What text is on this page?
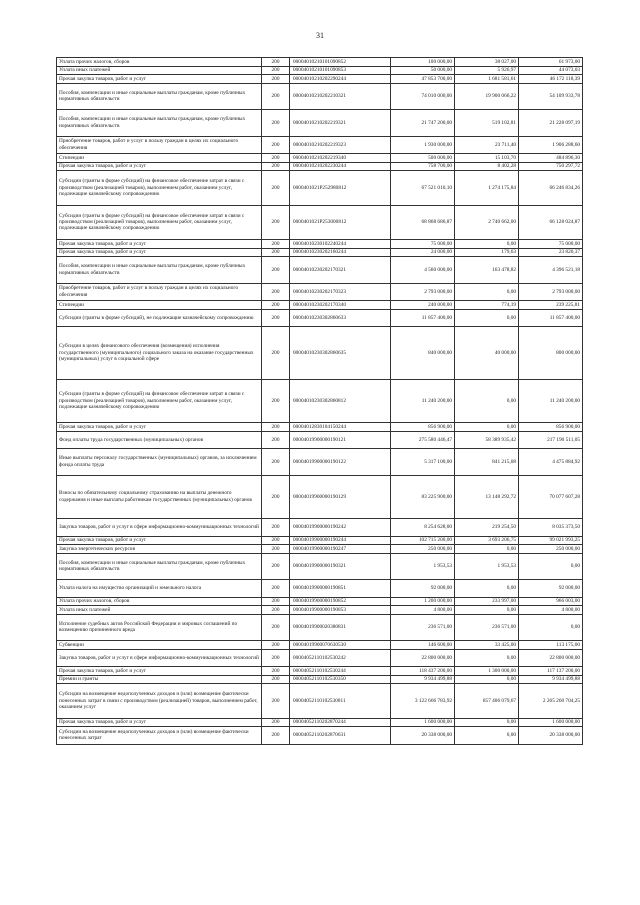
31
Уплата прочих налогов, сборов	200	00004010210101090852	100 000,00	38 027,00	61 973,00
Уплата иных платежей	200	00004010210101090853	50 000,00	5 926,97	44 073,03
Прочая закупка товаров, работ и услуг	200	00004010210202290244	47 853 700,00	1 681 581,61	46 172 118,39
Пособия, компенсации и иные социальные выплаты гражданам, кроме публичных нормативных обязательств	200	00004010210202210321	74 010 000,00	19 900 066,22	54 109 933,78
Пособия, компенсации и иные социальные выплаты гражданам, кроме публичных нормативных обязательств	200	00004010210202219321	21 747 200,00	519 102,81	21 228 097,19
Приобретение товаров, работ и услуг в пользу граждан в целях их социального обеспечения	200	00004010210202219323	1 930 000,00	23 711,40	1 906 288,60
Стипендии	200	00004010210202219340	500 000,00	15 103,70	484 896,30
Прочая закупка товаров, работ и услуг	200	00004010210202230244	758 700,00	8 402,28	750 297,72
Субсидии (гранты в форме субсидий) на финансовое обеспечение затрат в связи с производством (реализацией товаров), выполнением работ, оказанием услуг, подлежащие казначейскому сопровождению	200	0000401021P252980812	67 521 010,10	1 274 175,84	66 246 834,26
Субсидии (гранты в форме субсидий) на финансовое обеспечение затрат в связи с производством (реализацией товаров), выполнением работ, оказанием услуг, подлежащие казначейскому сопровождению	200	0000401021P253000812	68 868 686,87	2 740 662,00	66 128 024,87
Прочая закупка товаров, работ и услуг	200	00004010230102240244	75 000,00	0,00	75 000,00
Прочая закупка товаров, работ и услуг	200	00004010230202160244	24 000,00	179,63	23 820,37
Пособия, компенсации и иные социальные выплаты гражданам, кроме публичных нормативных обязательств	200	00004010230202170321	4 560 000,00	163 478,82	4 396 521,18
Приобретение товаров, работ и услуг в пользу граждан в целях их социального обеспечения	200	00004010230202170323	2 793 000,00	0,00	2 793 000,00
Стипендии	200	00004010230202170340	240 000,00	774,19	239 225,81
Субсидии (гранты в форме субсидий), не подлежащие казначейскому сопровождению	200	00004010230302860633	11 857 400,00	0,00	11 857 400,00
Субсидии в целях финансового обеспечения (возмещения) исполнения государственного (муниципального) социального заказа на оказание государственных (муниципальных) услуг в социальной сфере	200	00004010230302860635	840 000,00	40 000,00	800 000,00
Субсидии (гранты в форме субсидий) на финансовое обеспечение затрат в связи с производством (реализацией товаров), выполнением работ, оказанием услуг, подлежащие казначейскому сопровождению	200	00004010230302860812	11 240 200,00	0,00	11 240 200,00
Прочая закупка товаров, работ и услуг	200	00004012830104150244	856 900,00	0,00	856 900,00
Фонд оплаты труда государственных (муниципальных) органов	200	00004019900000190121	275 580 446,47	58 389 935,42	217 190 511,05
Иные выплаты персоналу государственных (муниципальных) органов, за исключением фонда оплаты труда	200	00004019900000190122	5 317 100,00	841 215,08	4 475 884,92
Взносы по обязательному социальному страхованию на выплаты денежного содержания и иные выплаты работникам государственных (муниципальных) органов	200	00004019900000190129	83 225 900,00	13 148 292,72	70 077 607,28
Закупка товаров, работ и услуг в сфере информационно-коммуникационных технологий	200	00004019900000190242	8 254 628,00	219 254,50	8 035 373,50
Прочая закупка товаров, работ и услуг	200	00004019900000190244	102 715 200,00	3 693 206,75	99 021 993,25
Закупка энергетических ресурсов	200	00004019900000190247	250 000,00	0,00	250 000,00
Пособия, компенсации и иные социальные выплаты гражданам, кроме публичных нормативных обязательств	200	00004019900000190321	1 953,53	1 953,53	0,00
Уплата налога на имущество организаций и земельного налога	200	00004019900000190851	92 000,00	0,00	92 000,00
Уплата прочих налогов, сборов	200	00004019900000190852	1 200 000,00	233 997,00	966 003,00
Уплата иных платежей	200	00004019900000190853	4 800,00	0,00	4 800,00
Исполнение судебных актов Российской Федерации и мировых соглашений по возмещению причиненного вреда	200	00004019900020380831	236 571,00	236 571,00	0,00
Субвенции	200	00004019900070630530	146 600,00	33 425,00	113 175,00
Закупка товаров, работ и услуг в сфере информационно-коммуникационных технологий	200	00004052110102530242	22 800 000,00	0,00	22 800 000,00
Прочая закупка товаров, работ и услуг	200	00004052110102530244	118 437 200,00	1 300 000,00	117 137 200,00
Премии и гранты	200	00004052110102530350	9 934 499,88	0,00	9 934 499,88
Субсидии на возмещение недополученных доходов и (или) возмещение фактически понесенных затрат в связи с производством (реализацией) товаров, выполнением работ, оказанием услуг	200	00004052110102530811	3 122 666 783,92	857 406 079,67	2 265 260 704,25
Прочая закупка товаров, работ и услуг	200	00004052110202870244	1 600 000,00	0,00	1 600 000,00
Субсидии на возмещение недополученных доходов и (или) возмещение фактически понесенных затрат	200	00004052110202870631	20 338 000,00	0,00	20 338 000,00
